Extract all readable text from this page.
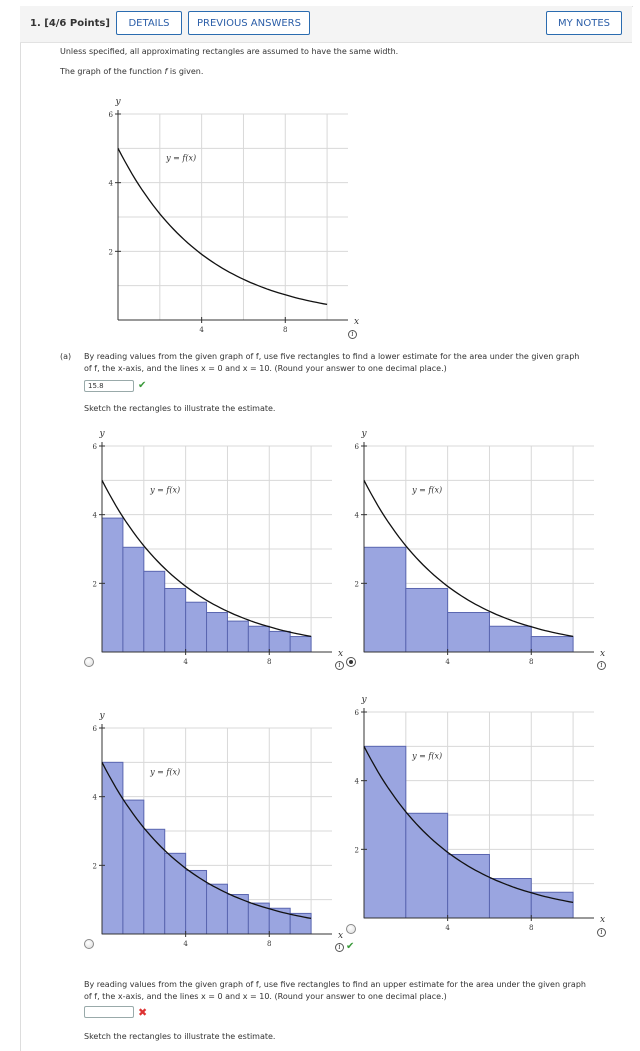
1. [4/6 Points]	DETAILS	PREVIOUS ANSWERS	MY NOTES
Unless specified, all approximating rectangles are assumed to have the same width.
The graph of the function f is given.
2
4
6
4	8
y
x
y = f(x)
i
(a) By reading values from the given graph of f, use five rectangles to find a lower estimate for the area under the given graph
of f, the x-axis, and the lines x = 0 and x = 10. (Round your answer to one decimal place.)
15.8	✔
Sketch the rectangles to illustrate the estimate.
2
4
6
4	8
y
x
y = f(x)
2
4
6
4	8
y
x
y = f(x)
2
4
6
4	8
y
x
y = f(x)
2
4
6
4	8
y
x
y = f(x)
i	i
i ✔
i
By reading values from the given graph of f, use five rectangles to find an upper estimate for the area under the given graph
of f, the x-axis, and the lines x = 0 and x = 10. (Round your answer to one decimal place.)
✖
Sketch the rectangles to illustrate the estimate.
